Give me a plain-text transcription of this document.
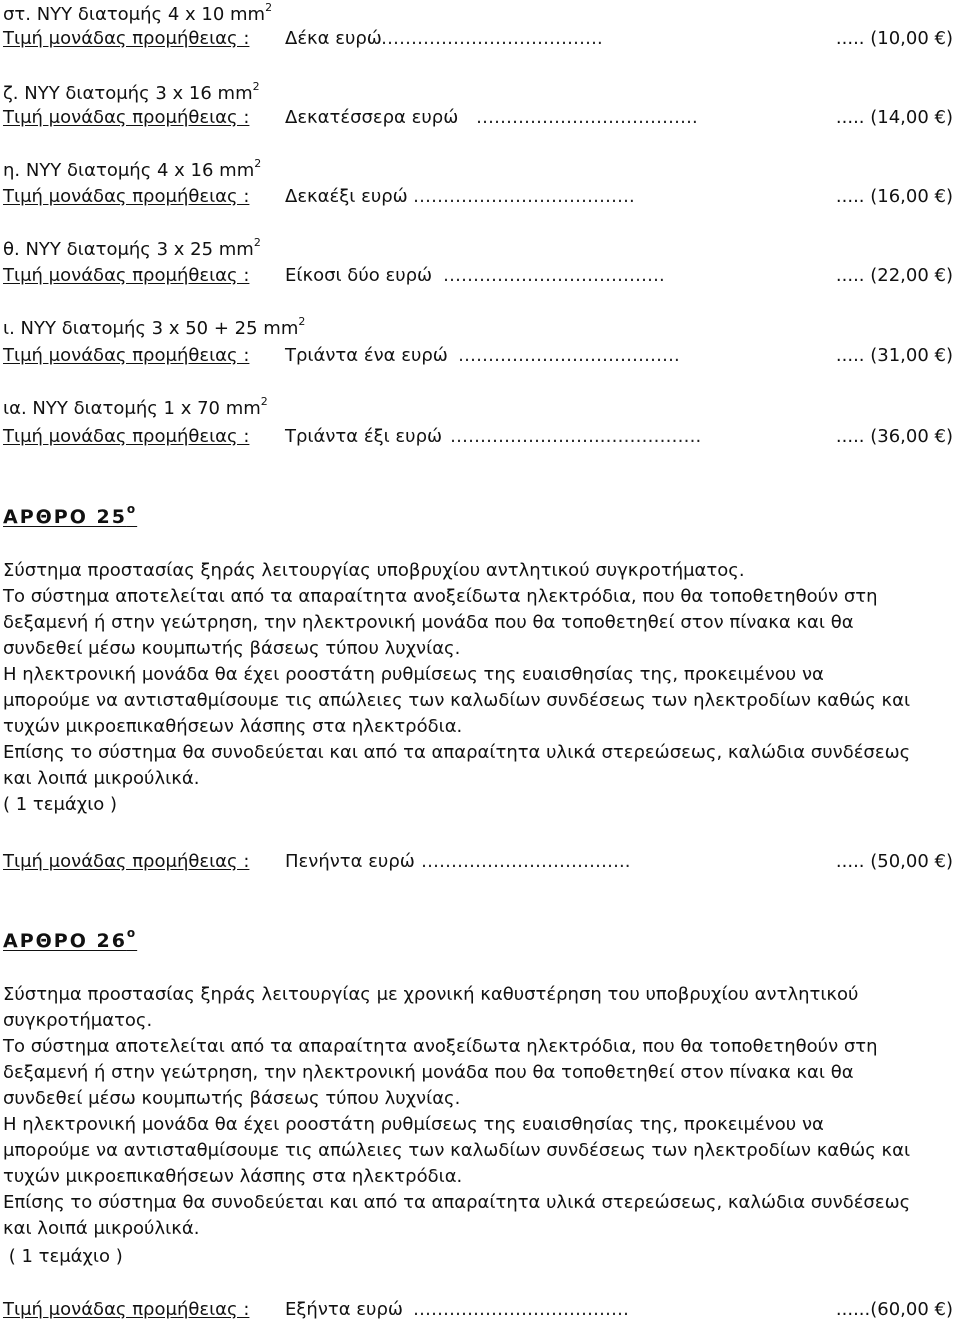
στ. NYY διατομής 4 x 10 $mm^2$
Τιμή μονάδας προμήθειας : Δέκα ευρώ ……………………………….	..... (10,00 €)
ζ. NYY διατομής 3 x 16 $mm^2$
Τιμή μονάδας προμήθειας : Δεκατέσσερα ευρώ ……………………………….	..... (14,00 €)
η. NYY διατομής 4 x 16 $mm^2$
Τιμή μονάδας προμήθειας : Δεκαέξι ευρώ ……………………………….	..... (16,00 €)
θ. NYY διατομής 3 x 25 $mm^2$
Τιμή μονάδας προμήθειας : Είκοσι δύο ευρώ ……………………………….	..... (22,00 €)
ι. NYY διατομής 3 x 50 + 25 $mm^2$
Τιμή μονάδας προμήθειας : Τριάντα ένα ευρώ ……………………………….	..... (31,00 €)
ια. NYY διατομής 1 x 70 $mm^2$
Τιμή μονάδας προμήθειας : Τριάντα έξι ευρώ ……………………..…………….	..... (36,00 €)
ΑΡΘΡΟ $25^o$
Σύστημα προστασίας ξηράς λειτουργίας υποβρυχίου αντλητικού συγκροτήματος.
Το σύστημα αποτελείται από τα απαραίτητα ανοξείδωτα ηλεκτρόδια, που θα τοποθετηθούν στη
δεξαμενή ή στην γεώτρηση, την ηλεκτρονική μονάδα που θα τοποθετηθεί στον πίνακα και θα
συνδεθεί μέσω κουμπωτής βάσεως τύπου λυχνίας.
Η ηλεκτρονική μονάδα θα έχει ροοστάτη ρυθμίσεως της ευαισθησίας της, προκειμένου να
μπορούμε να αντισταθμίσουμε τις απώλειες των καλωδίων συνδέσεως των ηλεκτροδίων καθώς και
τυχών μικροεπικαθήσεων λάσπης στα ηλεκτρόδια.
Επίσης το σύστημα θα συνοδεύεται και από τα απαραίτητα υλικά στερεώσεως, καλώδια συνδέσεως
και λοιπά μικρούλικά.
( 1 τεμάχιο )
Τιμή μονάδας προμήθειας : Πενήντα ευρώ ……………………………..	..... (50,00 €)
ΑΡΘΡΟ $26^o$
Σύστημα προστασίας ξηράς λειτουργίας με χρονική καθυστέρηση του υποβρυχίου αντλητικού
συγκροτήματος.
Το σύστημα αποτελείται από τα απαραίτητα ανοξείδωτα ηλεκτρόδια, που θα τοποθετηθούν στη
δεξαμενή ή στην γεώτρηση, την ηλεκτρονική μονάδα που θα τοποθετηθεί στον πίνακα και θα
συνδεθεί μέσω κουμπωτής βάσεως τύπου λυχνίας.
Η ηλεκτρονική μονάδα θα έχει ροοστάτη ρυθμίσεως της ευαισθησίας της, προκειμένου να
μπορούμε να αντισταθμίσουμε τις απώλειες των καλωδίων συνδέσεως των ηλεκτροδίων καθώς και
τυχών μικροεπικαθήσεων λάσπης στα ηλεκτρόδια.
Επίσης το σύστημα θα συνοδεύεται και από τα απαραίτητα υλικά στερεώσεως, καλώδια συνδέσεως
και λοιπά μικρούλικά.
( 1 τεμάχιο )
Τιμή μονάδας προμήθειας : Εξήντα ευρώ ………………………………	......(60,00 €)
